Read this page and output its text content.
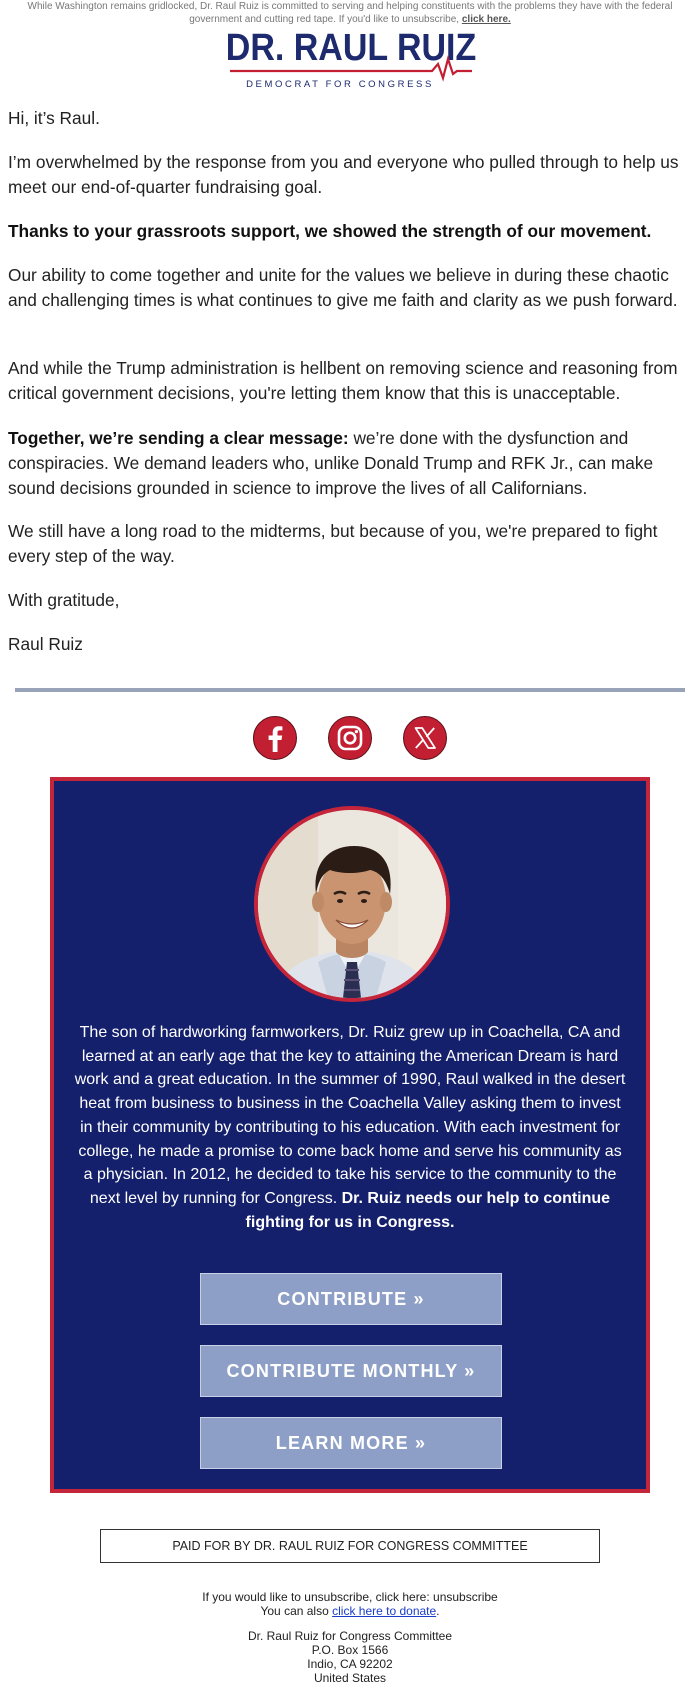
While Washington remains gridlocked, Dr. Raul Ruiz is committed to serving and helping constituents with the problems they have with the federal government and cutting red tape. If you'd like to unsubscribe, click here.
DR. RAUL RUIZ
DEMOCRAT FOR CONGRESS

Hi, it’s Raul.

I’m overwhelmed by the response from you and everyone who pulled through to help us meet our end-of-quarter fundraising goal.

Thanks to your grassroots support, we showed the strength of our movement.

Our ability to come together and unite for the values we believe in during these chaotic and challenging times is what continues to give me faith and clarity as we push forward.

And while the Trump administration is hellbent on removing science and reasoning from critical government decisions, you're letting them know that this is unacceptable.

Together, we’re sending a clear message: we’re done with the dysfunction and conspiracies. We demand leaders who, unlike Donald Trump and RFK Jr., can make sound decisions grounded in science to improve the lives of all Californians.

We still have a long road to the midterms, but because of you, we're prepared to fight every step of the way.

With gratitude,

Raul Ruiz

The son of hardworking farmworkers, Dr. Ruiz grew up in Coachella, CA and learned at an early age that the key to attaining the American Dream is hard work and a great education. In the summer of 1990, Raul walked in the desert heat from business to business in the Coachella Valley asking them to invest in their community by contributing to his education. With each investment for college, he made a promise to come back home and serve his community as a physician. In 2012, he decided to take his service to the community to the next level by running for Congress. Dr. Ruiz needs our help to continue fighting for us in Congress.
CONTRIBUTE »
CONTRIBUTE MONTHLY »
LEARN MORE »
PAID FOR BY DR. RAUL RUIZ FOR CONGRESS COMMITTEE
If you would like to unsubscribe, click here: unsubscribe
You can also click here to donate.
Dr. Raul Ruiz for Congress Committee
P.O. Box 1566
Indio, CA 92202
United States
